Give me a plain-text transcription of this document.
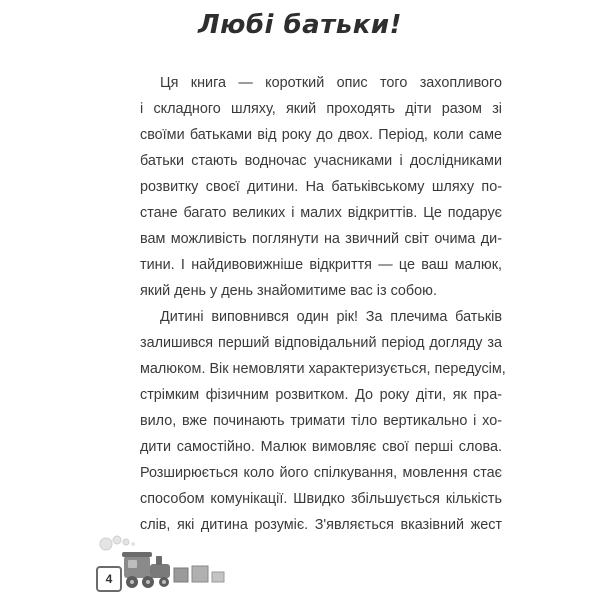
Любі батьки!
Ця книга — короткий опис того захопливого
і складного шляху, який проходять діти разом зі
своїми батьками від року до двох. Період, коли саме
батьки стають водночас учасниками і дослідниками
розвитку своєї дитини. На батьківському шляху по-
стане багато великих і малих відкриттів. Це подарує
вам можливість поглянути на звичний світ очима ди-
тини. І найдивовижніше відкриття — це ваш малюк,
який день у день знайомитиме вас із собою.
Дитині виповнився один рік! За плечима батьків
залишився перший відповідальний період догляду за
малюком. Вік немовляти характеризується, передусім,
стрімким фізичним розвитком. До року діти, як пра-
вило, вже починають тримати тіло вертикально і хо-
дити самостійно. Малюк вимовляє свої перші слова.
Розширюється коло його спілкування, мовлення стає
способом комунікації. Швидко збільшується кількість
слів, які дитина розуміє. З'являється вказівний жест
4
